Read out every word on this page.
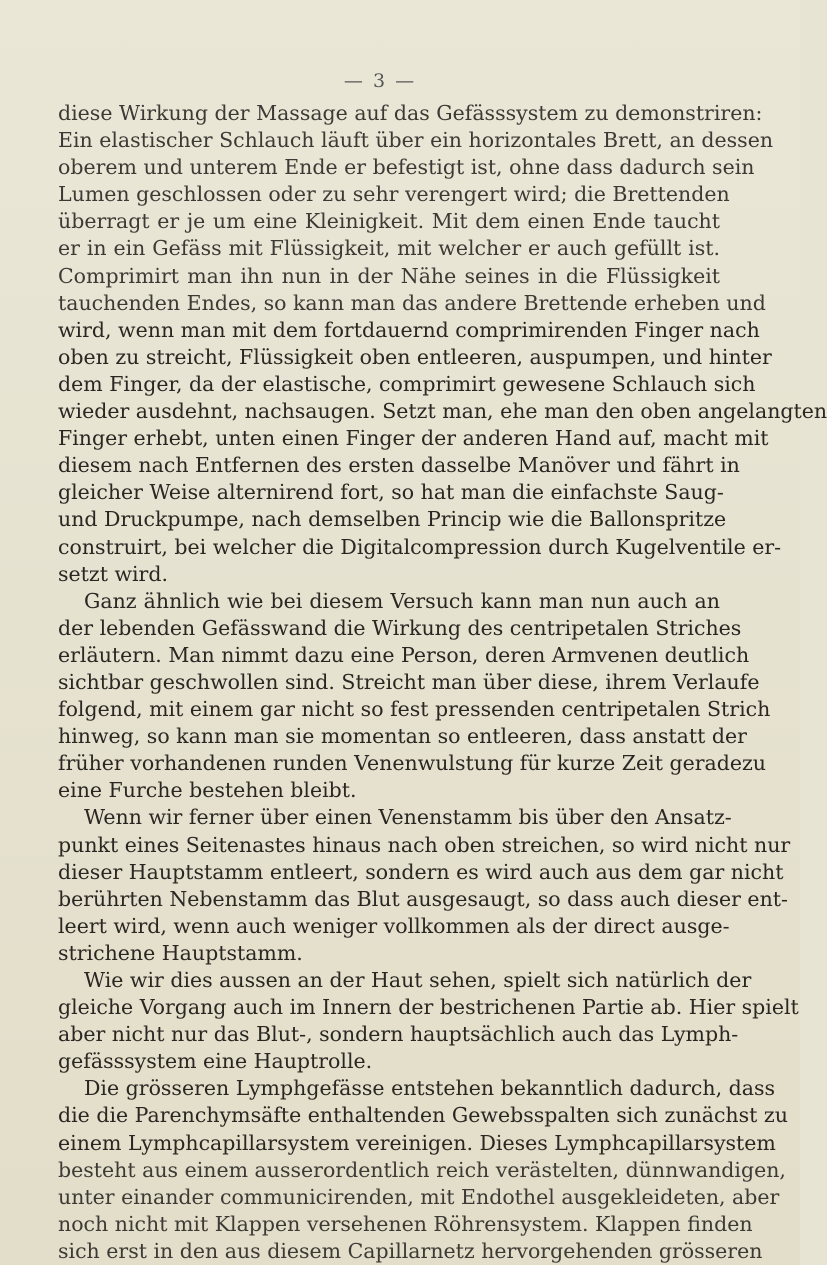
— 3 —
diese Wirkung der Massage auf das Gefässsystem zu demonstriren:
Ein elastischer Schlauch läuft über ein horizontales Brett, an dessen
oberem und unterem Ende er befestigt ist, ohne dass dadurch sein
Lumen geschlossen oder zu sehr verengert wird; die Brettenden
überragt er je um eine Kleinigkeit. Mit dem einen Ende taucht
er in ein Gefäss mit Flüssigkeit, mit welcher er auch gefüllt ist.
Comprimirt man ihn nun in der Nähe seines in die Flüssigkeit
tauchenden Endes, so kann man das andere Brettende erheben und
wird, wenn man mit dem fortdauernd comprimirenden Finger nach
oben zu streicht, Flüssigkeit oben entleeren, auspumpen, und hinter
dem Finger, da der elastische, comprimirt gewesene Schlauch sich
wieder ausdehnt, nachsaugen. Setzt man, ehe man den oben angelangten
Finger erhebt, unten einen Finger der anderen Hand auf, macht mit
diesem nach Entfernen des ersten dasselbe Manöver und fährt in
gleicher Weise alternirend fort, so hat man die einfachste Saug-
und Druckpumpe, nach demselben Princip wie die Ballonspritze
construirt, bei welcher die Digitalcompression durch Kugelventile er-
setzt wird.
Ganz ähnlich wie bei diesem Versuch kann man nun auch an
der lebenden Gefässwand die Wirkung des centripetalen Striches
erläutern. Man nimmt dazu eine Person, deren Armvenen deutlich
sichtbar geschwollen sind. Streicht man über diese, ihrem Verlaufe
folgend, mit einem gar nicht so fest pressenden centripetalen Strich
hinweg, so kann man sie momentan so entleeren, dass anstatt der
früher vorhandenen runden Venenwulstung für kurze Zeit geradezu
eine Furche bestehen bleibt.
Wenn wir ferner über einen Venenstamm bis über den Ansatz-
punkt eines Seitenastes hinaus nach oben streichen, so wird nicht nur
dieser Hauptstamm entleert, sondern es wird auch aus dem gar nicht
berührten Nebenstamm das Blut ausgesaugt, so dass auch dieser ent-
leert wird, wenn auch weniger vollkommen als der direct ausge-
strichene Hauptstamm.
Wie wir dies aussen an der Haut sehen, spielt sich natürlich der
gleiche Vorgang auch im Innern der bestrichenen Partie ab. Hier spielt
aber nicht nur das Blut-, sondern hauptsächlich auch das Lymph-
gefässsystem eine Hauptrolle.
Die grösseren Lymphgefässe entstehen bekanntlich dadurch, dass
die die Parenchymsäfte enthaltenden Gewebsspalten sich zunächst zu
einem Lymphcapillarsystem vereinigen. Dieses Lymphcapillarsystem
besteht aus einem ausserordentlich reich verästelten, dünnwandigen,
unter einander communicirenden, mit Endothel ausgekleideten, aber
noch nicht mit Klappen versehenen Röhrensystem. Klappen finden
sich erst in den aus diesem Capillarnetz hervorgehenden grösseren
